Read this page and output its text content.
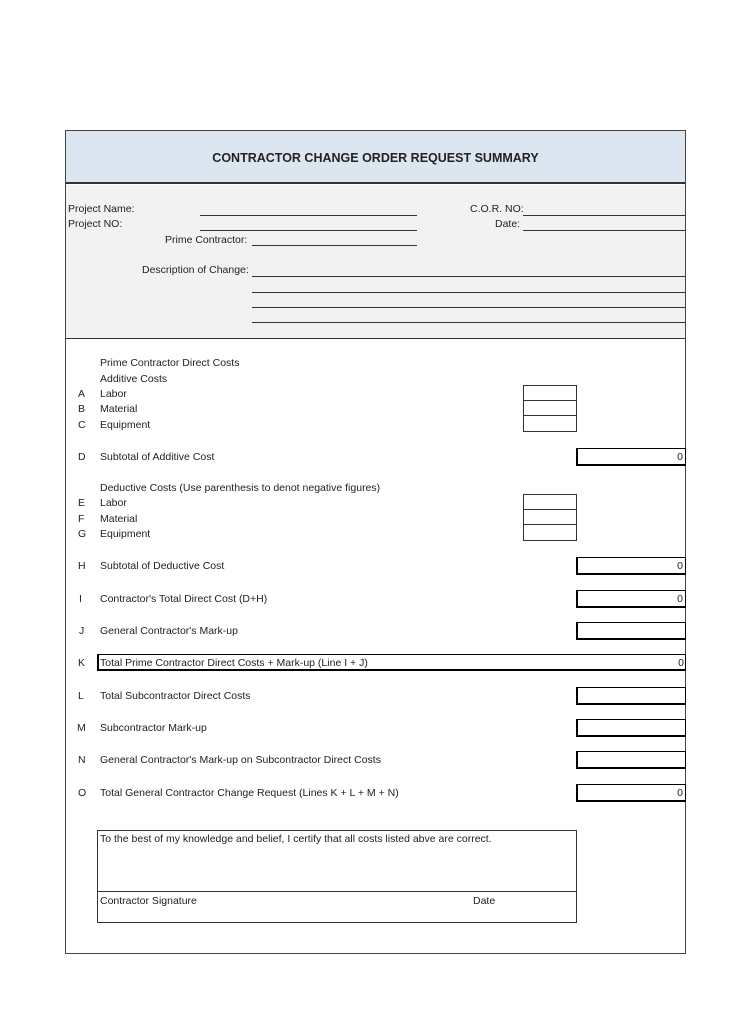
CONTRACTOR CHANGE ORDER REQUEST SUMMARY
Project Name:
Project NO:
Prime Contractor:
C.O.R. NO:
Date:
Description of Change:
Prime Contractor Direct Costs
Additive Costs
A Labor
B Material
C Equipment
D Subtotal of Additive Cost	0
Deductive Costs (Use parenthesis to denot negative figures)
E Labor
F Material
G Equipment
H Subtotal of Deductive Cost	0
I Contractor's Total Direct Cost (D+H)	0
J General Contractor's Mark-up
K Total Prime Contractor Direct Costs + Mark-up (Line I + J)	0
L Total Subcontractor Direct Costs
M Subcontractor Mark-up
N General Contractor's Mark-up on Subcontractor Direct Costs
O Total General Contractor Change Request (Lines K + L + M + N)	0
To the best of my knowledge and belief, I certify that all costs listed abve are correct.
Contractor Signature	Date
